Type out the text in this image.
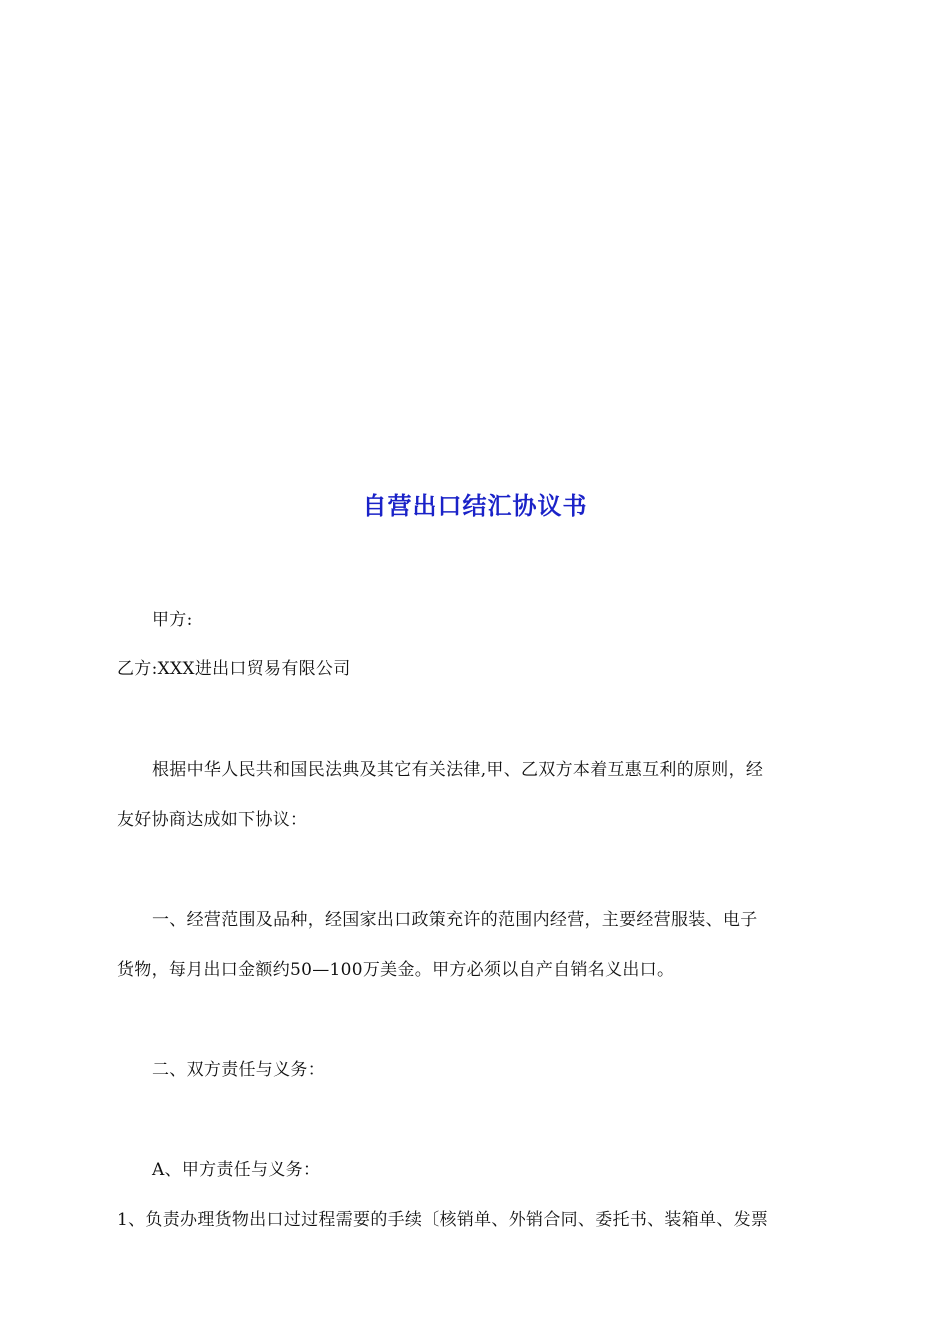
自营出口结汇协议书
甲方:
乙方:XXX进出口贸易有限公司
根据中华人民共和国民法典及其它有关法律,甲、乙双方本着互惠互利的原则，经
友好协商达成如下协议：
一、经营范围及品种，经国家出口政策充许的范围内经营，主要经营服装、电子
货物，每月出口金额约50—100万美金。甲方必须以自产自销名义出口。
二、双方责任与义务：
A、甲方责任与义务：
1、负责办理货物出口过过程需要的手续〔核销单、外销合同、委托书、装箱单、发票
